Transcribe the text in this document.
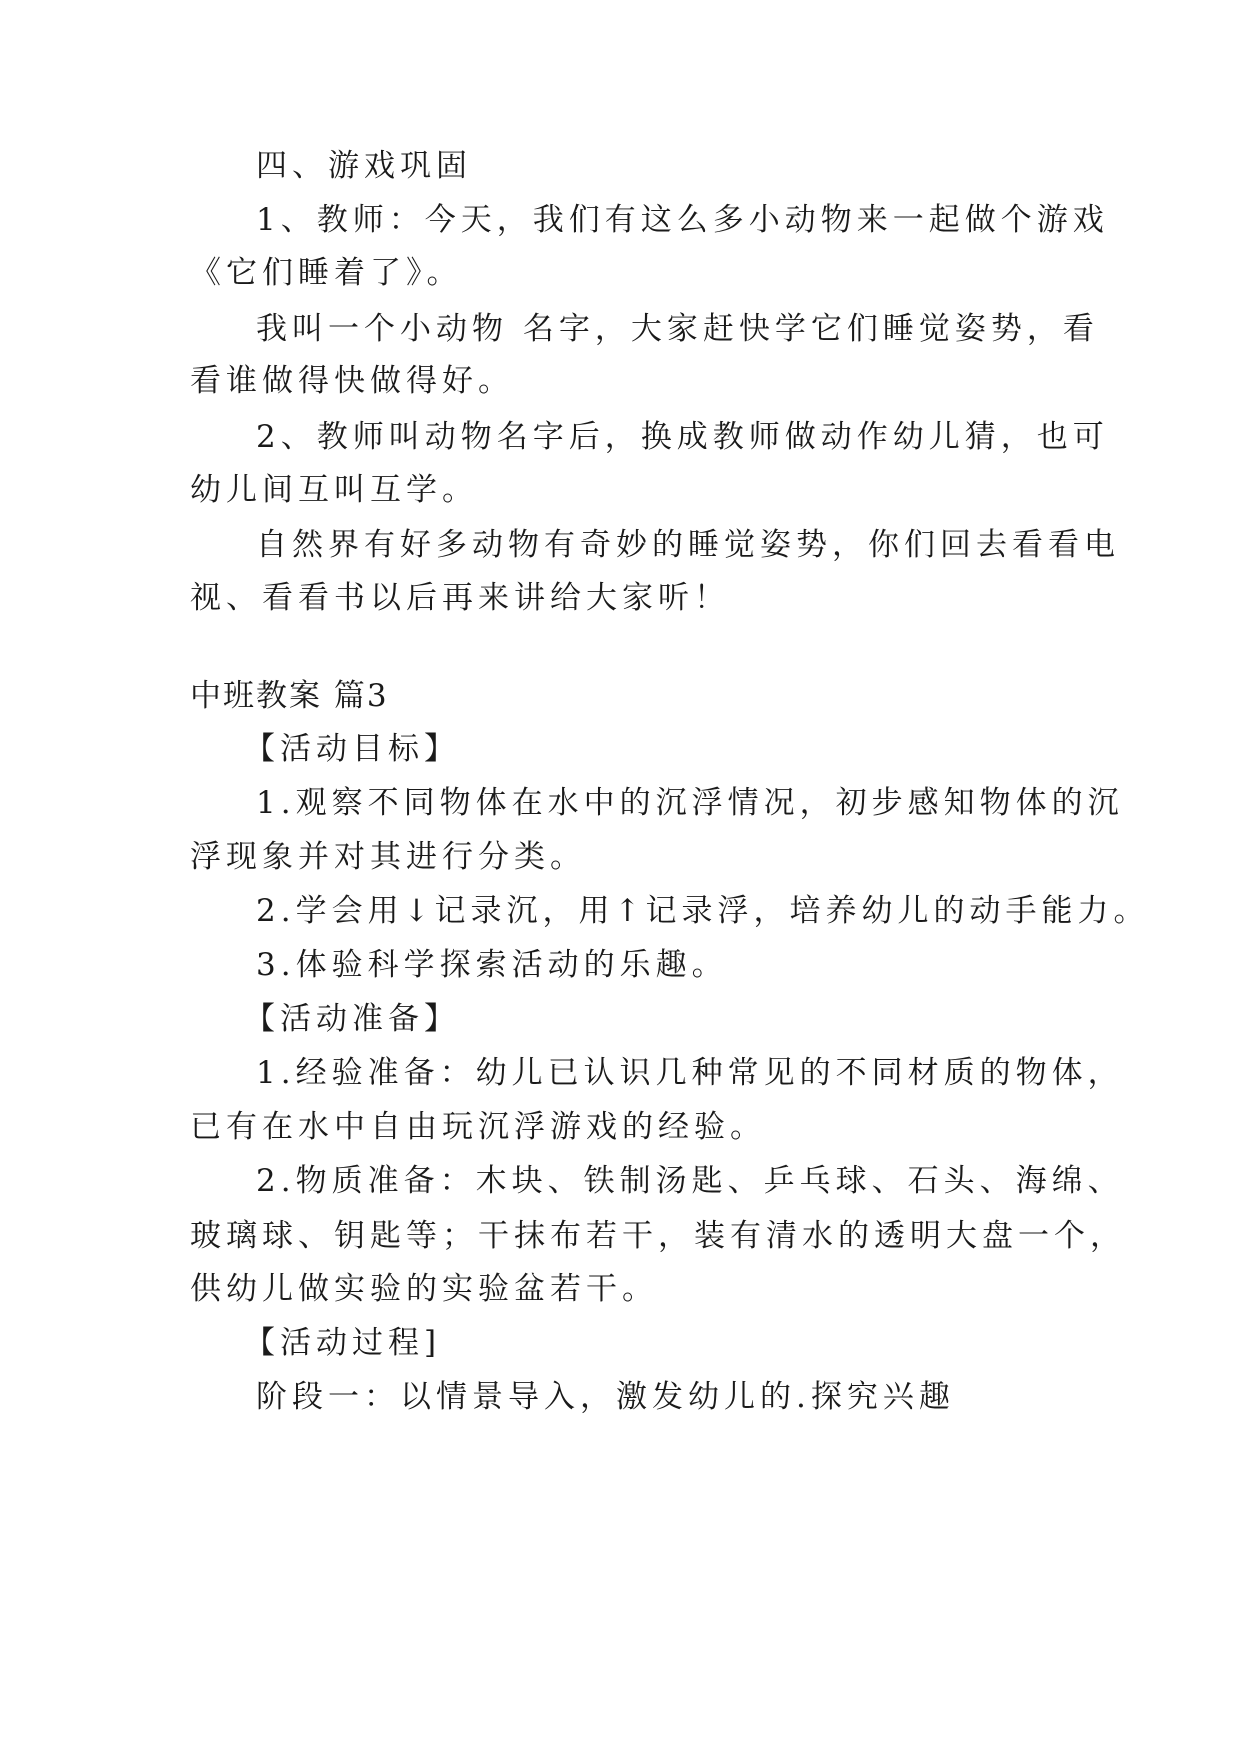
四、游戏巩固
1、教师：今天，我们有这么多小动物来一起做个游戏
《它们睡着了》。
我叫一个小动物 名字，大家赶快学它们睡觉姿势，看
看谁做得快做得好。
2、教师叫动物名字后，换成教师做动作幼儿猜，也可
幼儿间互叫互学。
自然界有好多动物有奇妙的睡觉姿势，你们回去看看电
视、看看书以后再来讲给大家听！
中班教案 篇3
【活动目标】
1.观察不同物体在水中的沉浮情况，初步感知物体的沉
浮现象并对其进行分类。
2.学会用↓记录沉，用↑记录浮，培养幼儿的动手能力。
3.体验科学探索活动的乐趣。
【活动准备】
1.经验准备：幼儿已认识几种常见的不同材质的物体，
已有在水中自由玩沉浮游戏的经验。
2.物质准备：木块、铁制汤匙、乒乓球、石头、海绵、
玻璃球、钥匙等；干抹布若干，装有清水的透明大盘一个，
供幼儿做实验的实验盆若干。
【活动过程]
阶段一：以情景导入，激发幼儿的.探究兴趣
